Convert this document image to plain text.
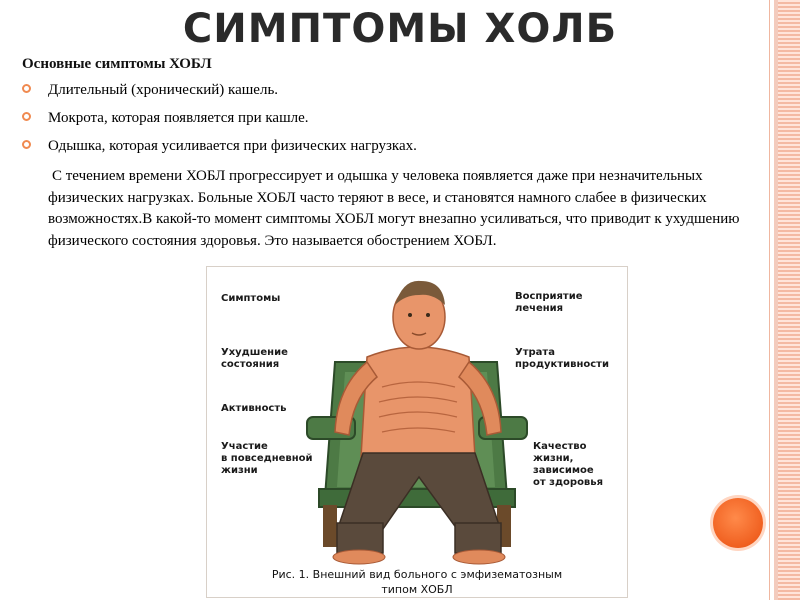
СИМПТОМЫ ХОЛБ
Основные симптомы ХОБЛ
Длительный (хронический) кашель.
Мокрота, которая появляется при кашле.
Одышка, которая усиливается при физических нагрузках.

С течением времени ХОБЛ прогрессирует и одышка у человека появляется даже при незначительных физических нагрузках. Больные ХОБЛ часто теряют в весе, и становятся намного слабее в физических возможностях.В какой-то момент симптомы ХОБЛ могут внезапно усиливаться, что приводит к ухудшению физического состояния здоровья. Это называется обострением ХОБЛ.

Симптомы
Ухудшение
состояния
Активность
Участие
в повседневной
жизни
Восприятие
лечения
Утрата
продуктивности
Качество
жизни,
зависимое
от здоровья
Рис. 1. Внешний вид больного с эмфизематозным
типом ХОБЛ
